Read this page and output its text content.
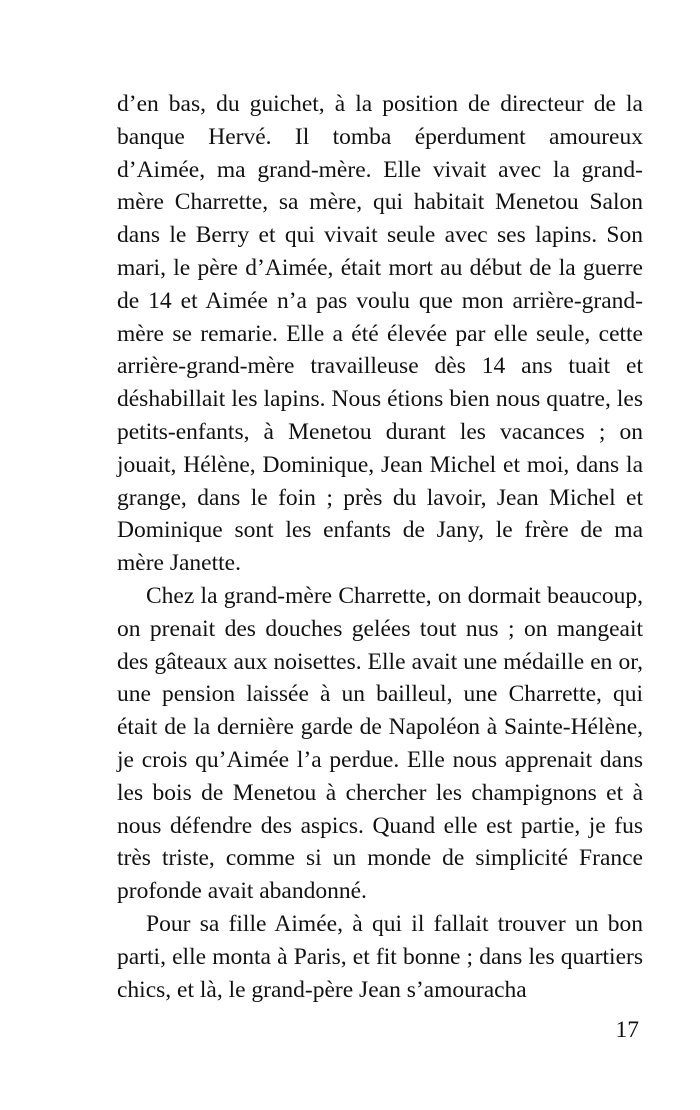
d’en bas, du guichet, à la position de directeur de la banque Hervé. Il tomba éperdument amoureux d’Aimée, ma grand-mère. Elle vivait avec la grand-mère Charrette, sa mère, qui habitait Menetou Salon dans le Berry et qui vivait seule avec ses lapins. Son mari, le père d’Aimée, était mort au début de la guerre de 14 et Aimée n’a pas voulu que mon arrière-grand-mère se remarie. Elle a été élevée par elle seule, cette arrière-grand-mère travailleuse dès 14 ans tuait et déshabillait les lapins. Nous étions bien nous quatre, les petits-enfants, à Menetou durant les vacances ; on jouait, Hélène, Dominique, Jean Michel et moi, dans la grange, dans le foin ; près du lavoir, Jean Michel et Dominique sont les enfants de Jany, le frère de ma mère Janette.

Chez la grand-mère Charrette, on dormait beaucoup, on prenait des douches gelées tout nus ; on mangeait des gâteaux aux noisettes. Elle avait une médaille en or, une pension laissée à un bailleul, une Charrette, qui était de la dernière garde de Napoléon à Sainte-Hélène, je crois qu’Aimée l’a perdue. Elle nous apprenait dans les bois de Menetou à chercher les champignons et à nous défendre des aspics. Quand elle est partie, je fus très triste, comme si un monde de simplicité France profonde avait abandonné.

Pour sa fille Aimée, à qui il fallait trouver un bon parti, elle monta à Paris, et fit bonne ; dans les quartiers chics, et là, le grand-père Jean s’amouracha

17
